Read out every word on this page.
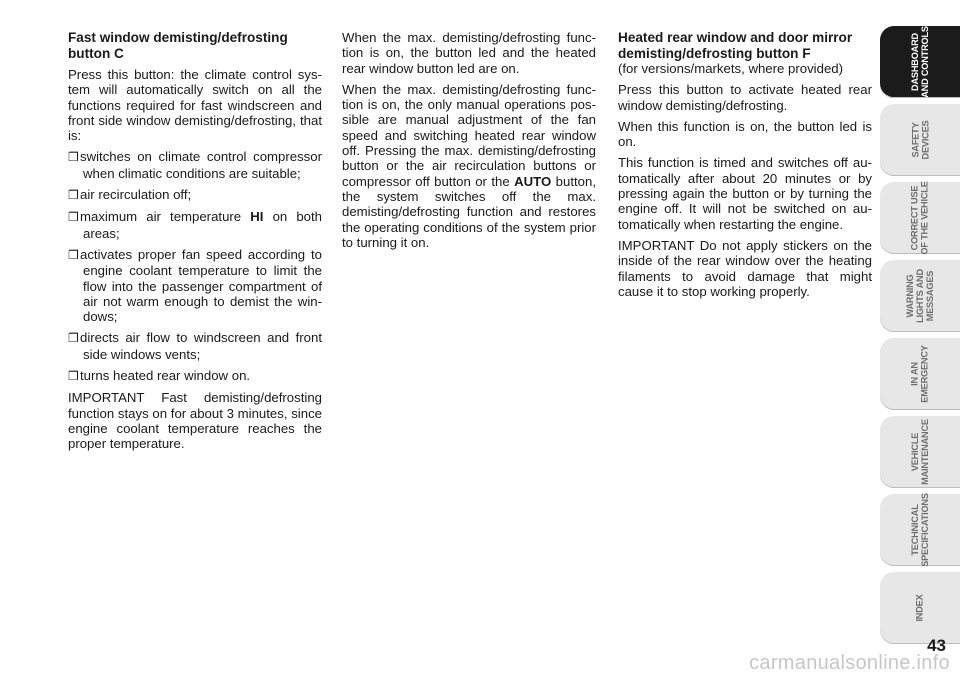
Fast window demisting/defrosting button C

Press this button: the climate control system will automatically switch on all the functions required for fast windscreen and front side window demisting/defrosting, that is:

❒switches on climate control compressor when climatic conditions are suitable;
❒air recirculation off;
❒maximum air temperature HI on both areas;
❒activates proper fan speed according to engine coolant temperature to limit the flow into the passenger compartment of air not warm enough to demist the windows;
❒directs air flow to windscreen and front side windows vents;
❒turns heated rear window on.

IMPORTANT Fast demisting/defrosting function stays on for about 3 minutes, since engine coolant temperature reaches the proper temperature.

When the max. demisting/defrosting function is on, the button led and the heated rear window button led are on.

When the max. demisting/defrosting function is on, the only manual operations possible are manual adjustment of the fan speed and switching heated rear window off. Pressing the max. demisting/defrosting button or the air recirculation buttons or compressor off button or the AUTO button, the system switches off the max. demisting/defrosting function and restores the operating conditions of the system prior to turning it on.

Heated rear window and door mirror demisting/defrosting button F

(for versions/markets, where provided)

Press this button to activate heated rear window demisting/defrosting.

When this function is on, the button led is on.

This function is timed and switches off automatically after about 20 minutes or by pressing again the button or by turning the engine off. It will not be switched on automatically when restarting the engine.

IMPORTANT Do not apply stickers on the inside of the rear window over the heating filaments to avoid damage that might cause it to stop working properly.

DASHBOARD
AND CONTROLS
SAFETY
DEVICES
CORRECT USE
OF THE VEHICLE
WARNING
LIGHTS AND
MESSAGES
IN AN
EMERGENCY
VEHICLE
MAINTENANCE
TECHNICAL
SPECIFICATIONS
INDEX
43
carmanualsonline.info
